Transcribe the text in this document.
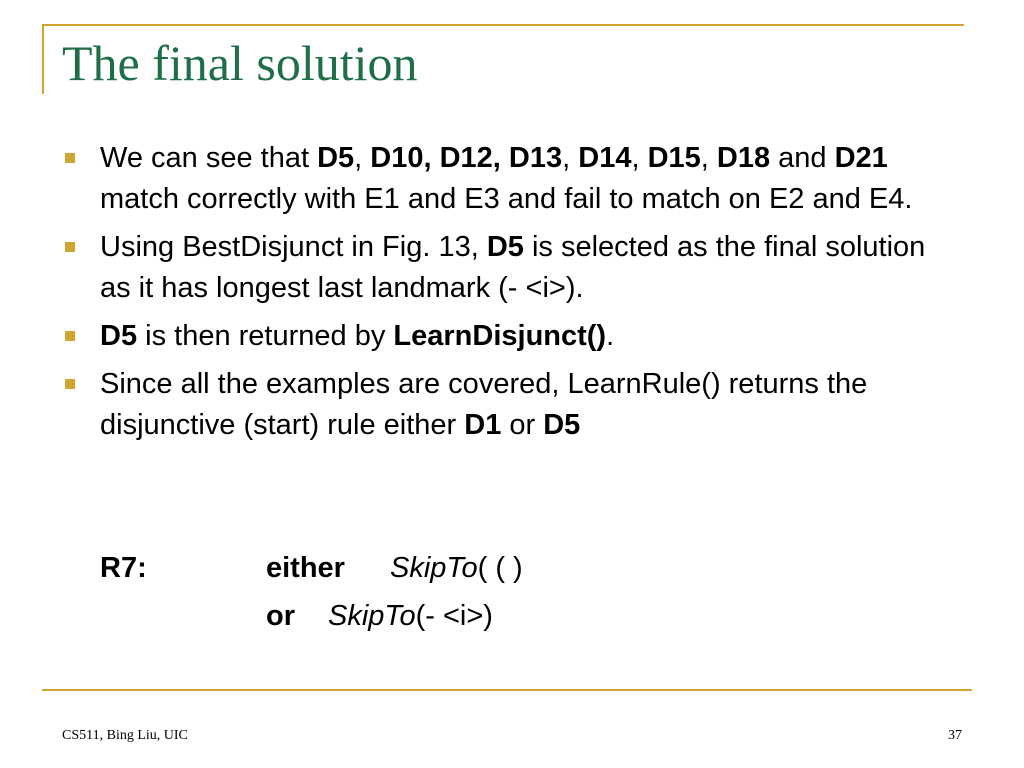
The final solution
We can see that D5, D10, D12, D13, D14, D15, D18 and D21 match correctly with E1 and E3 and fail to match on E2 and E4.
Using BestDisjunct in Fig. 13, D5 is selected as the final solution as it has longest last landmark (- <i>).
D5 is then returned by LearnDisjunct().
Since all the examples are covered, LearnRule() returns the disjunctive (start) rule either D1 or D5
R7:	either SkipTo( ( )
or SkipTo(- <i>)
CS511, Bing Liu, UIC	37
